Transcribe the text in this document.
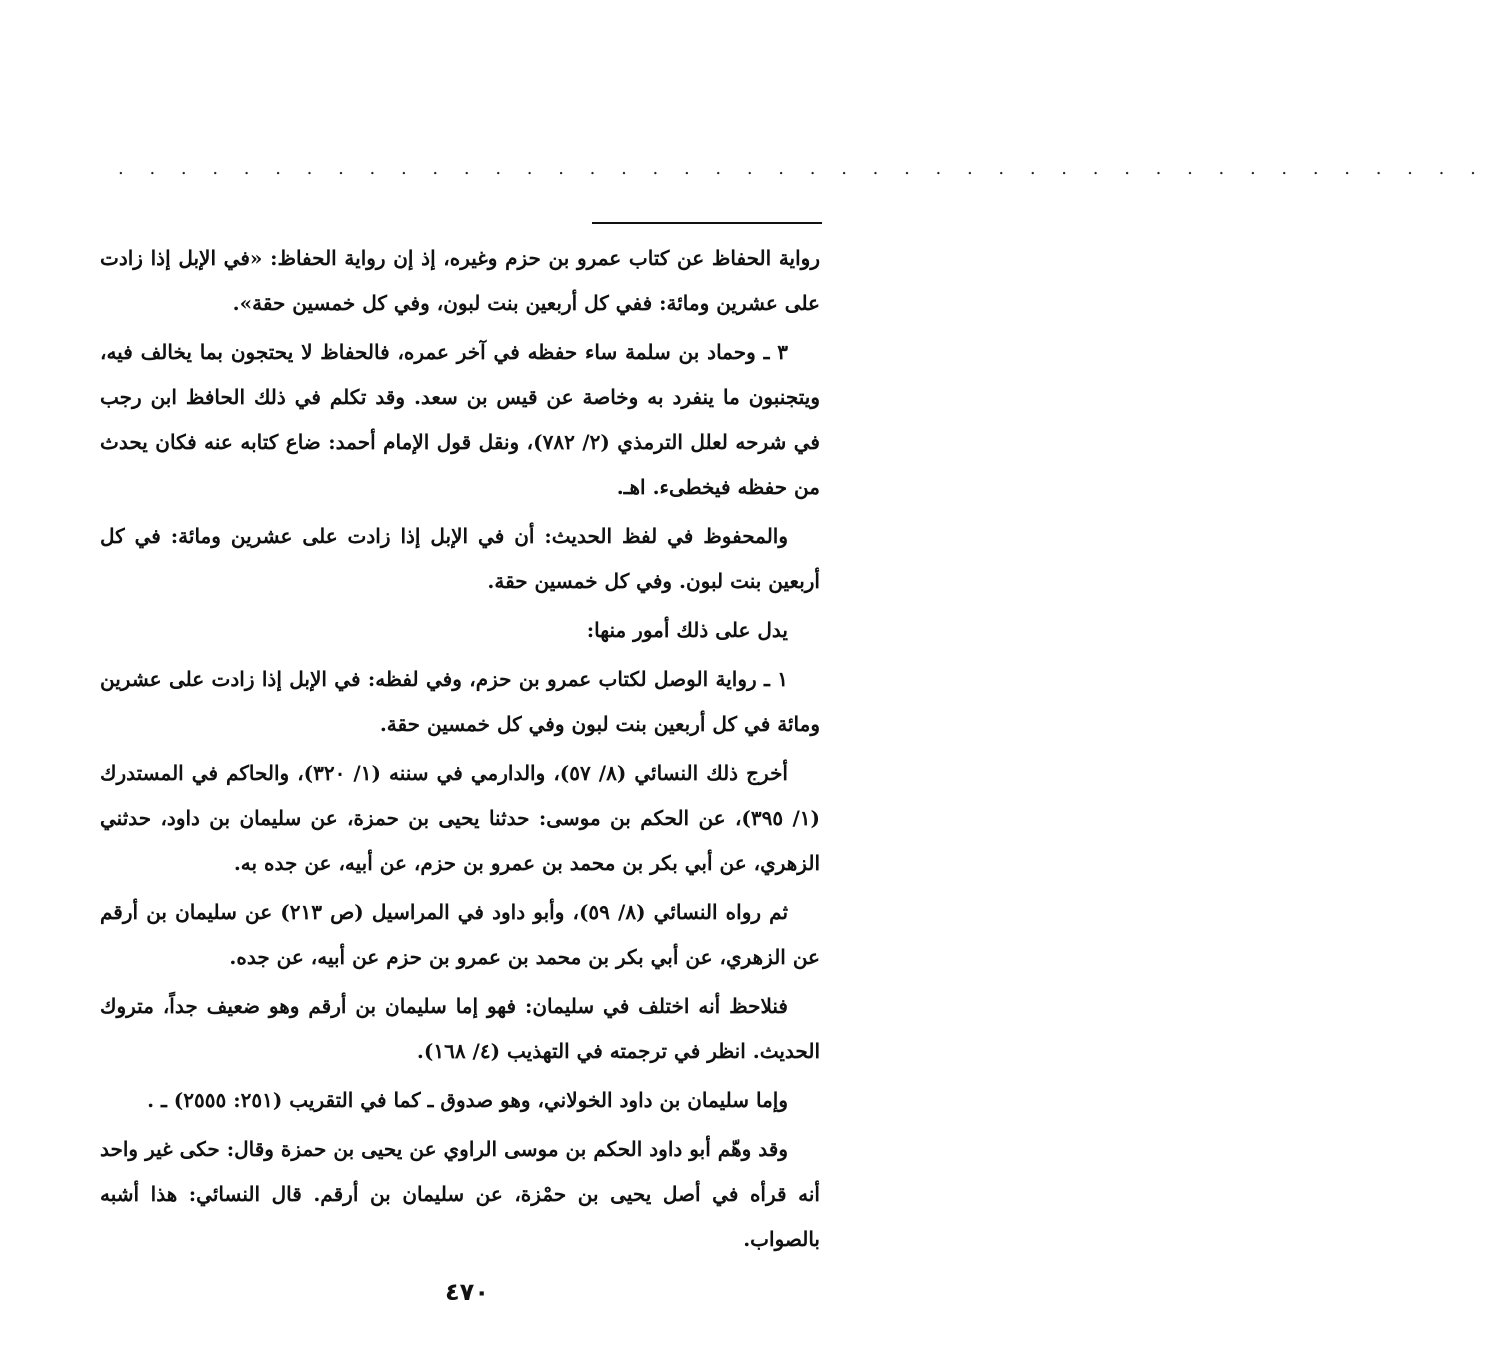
. . . . . . . . . . . . . . . . . . . . . . . . . . . . . . . . . . . . . . . . . . . .

رواية الحفاظ عن كتاب عمرو بن حزم وغيره، إذ إن رواية الحفاظ: «في الإبل إذا زادت على عشرين ومائة: ففي كل أربعين بنت لبون، وفي كل خمسين حقة».

٣ ـ وحماد بن سلمة ساء حفظه في آخر عمره، فالحفاظ لا يحتجون بما يخالف فيه، ويتجنبون ما ينفرد به وخاصة عن قيس بن سعد. وقد تكلم في ذلك الحافظ ابن رجب في شرحه لعلل الترمذي (٢/ ٧٨٢)، ونقل قول الإمام أحمد: ضاع كتابه عنه فكان يحدث من حفظه فيخطىء. اهـ.

والمحفوظ في لفظ الحديث: أن في الإبل إذا زادت على عشرين ومائة: في كل أربعين بنت لبون. وفي كل خمسين حقة.

يدل على ذلك أمور منها:

١ ـ رواية الوصل لكتاب عمرو بن حزم، وفي لفظه: في الإبل إذا زادت على عشرين ومائة في كل أربعين بنت لبون وفي كل خمسين حقة.

أخرج ذلك النسائي (٨/ ٥٧)، والدارمي في سننه (١/ ٣٢٠)، والحاكم في المستدرك (١/ ٣٩٥)، عن الحكم بن موسى: حدثنا يحيى بن حمزة، عن سليمان بن داود، حدثني الزهري، عن أبي بكر بن محمد بن عمرو بن حزم، عن أبيه، عن جده به.

ثم رواه النسائي (٨/ ٥٩)، وأبو داود في المراسيل (ص ٢١٣) عن سليمان بن أرقم عن الزهري، عن أبي بكر بن محمد بن عمرو بن حزم عن أبيه، عن جده.

فنلاحظ أنه اختلف في سليمان: فهو إما سليمان بن أرقم وهو ضعيف جداً، متروك الحديث. انظر في ترجمته في التهذيب (٤/ ١٦٨).

وإما سليمان بن داود الخولاني، وهو صدوق ـ كما في التقريب (٢٥١: ٢٥٥٥) ـ .

وقد وهّم أبو داود الحكم بن موسى الراوي عن يحيى بن حمزة وقال: حكى غير واحد أنه قرأه في أصل يحيى بن حمْزة، عن سليمان بن أرقم. قال النسائي: هذا أشبه بالصواب.

٤٧٠
